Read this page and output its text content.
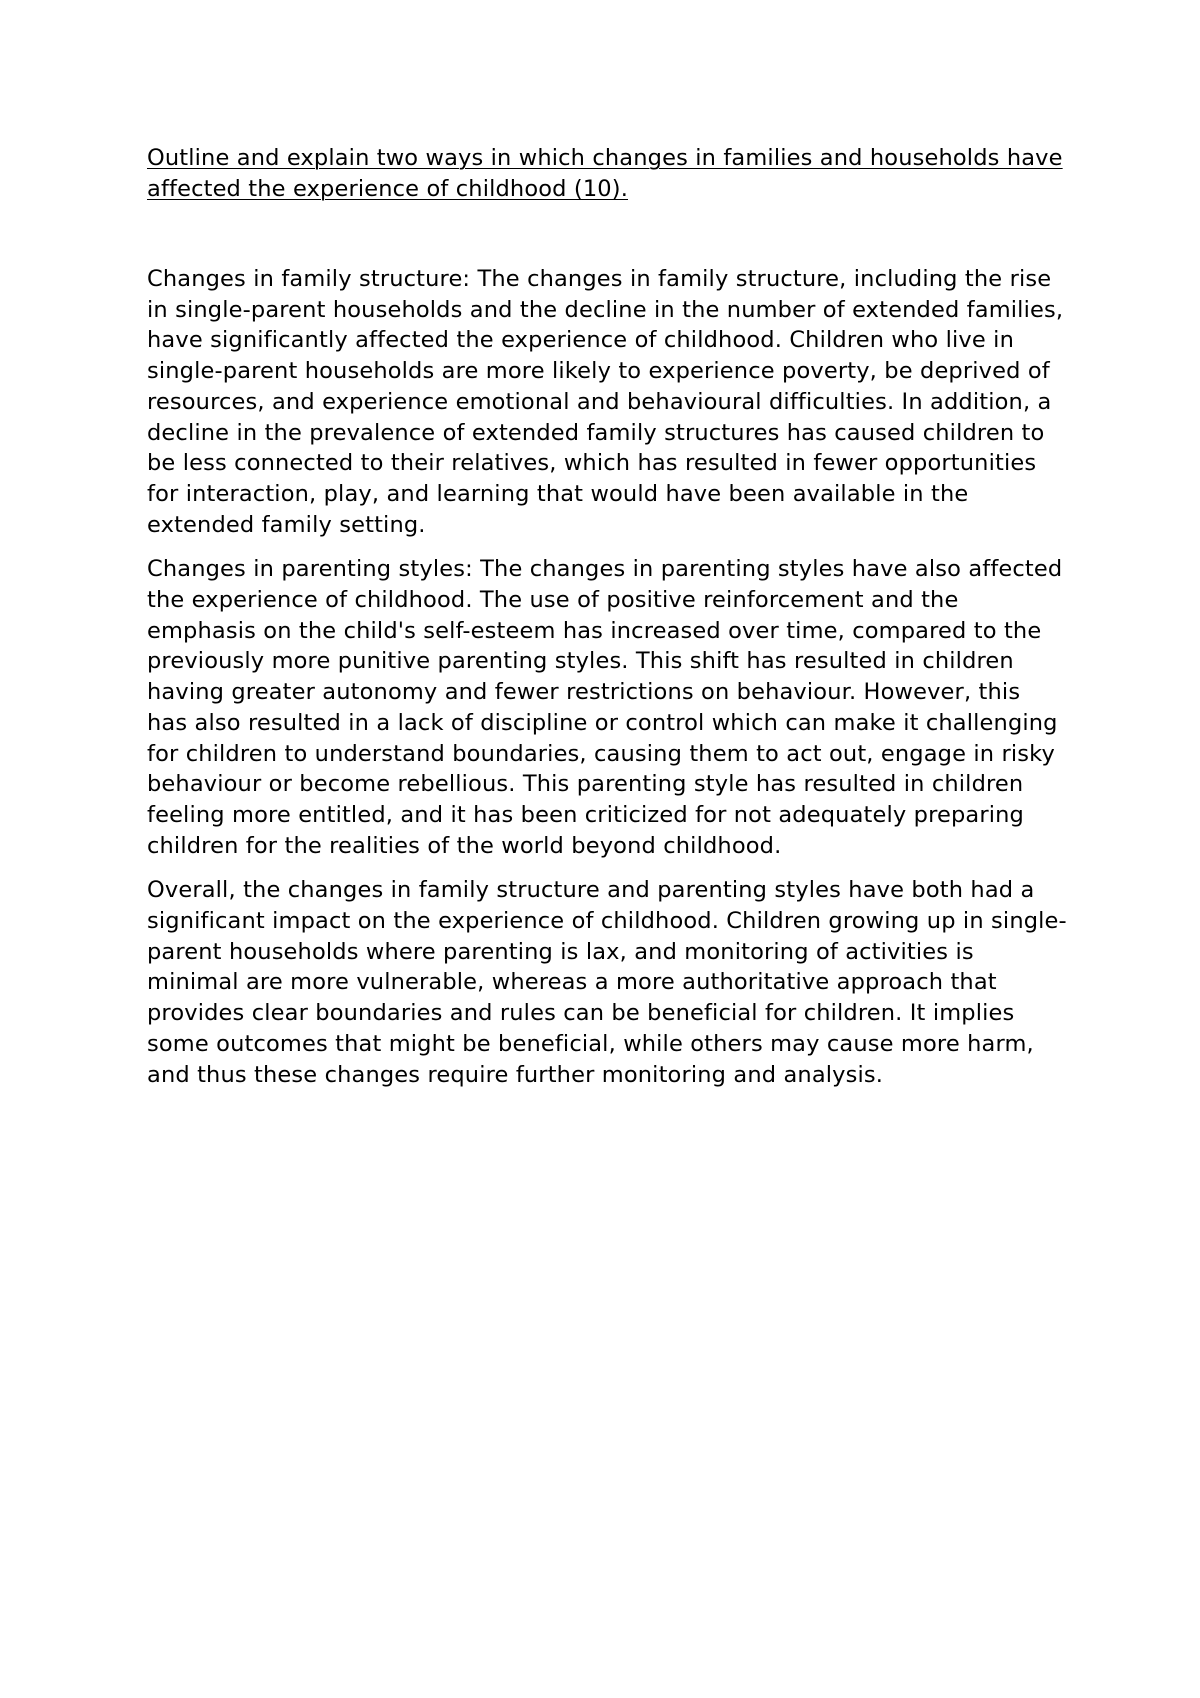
Outline and explain two ways in which changes in families and households have affected the experience of childhood (10).

Changes in family structure: The changes in family structure, including the rise in single-parent households and the decline in the number of extended families, have significantly affected the experience of childhood. Children who live in single-parent households are more likely to experience poverty, be deprived of resources, and experience emotional and behavioural difficulties. In addition, a decline in the prevalence of extended family structures has caused children to be less connected to their relatives, which has resulted in fewer opportunities for interaction, play, and learning that would have been available in the extended family setting.

Changes in parenting styles: The changes in parenting styles have also affected the experience of childhood. The use of positive reinforcement and the emphasis on the child's self-esteem has increased over time, compared to the previously more punitive parenting styles. This shift has resulted in children having greater autonomy and fewer restrictions on behaviour. However, this has also resulted in a lack of discipline or control which can make it challenging for children to understand boundaries, causing them to act out, engage in risky behaviour or become rebellious. This parenting style has resulted in children feeling more entitled, and it has been criticized for not adequately preparing children for the realities of the world beyond childhood.

Overall, the changes in family structure and parenting styles have both had a significant impact on the experience of childhood. Children growing up in single-parent households where parenting is lax, and monitoring of activities is minimal are more vulnerable, whereas a more authoritative approach that provides clear boundaries and rules can be beneficial for children. It implies some outcomes that might be beneficial, while others may cause more harm, and thus these changes require further monitoring and analysis.
